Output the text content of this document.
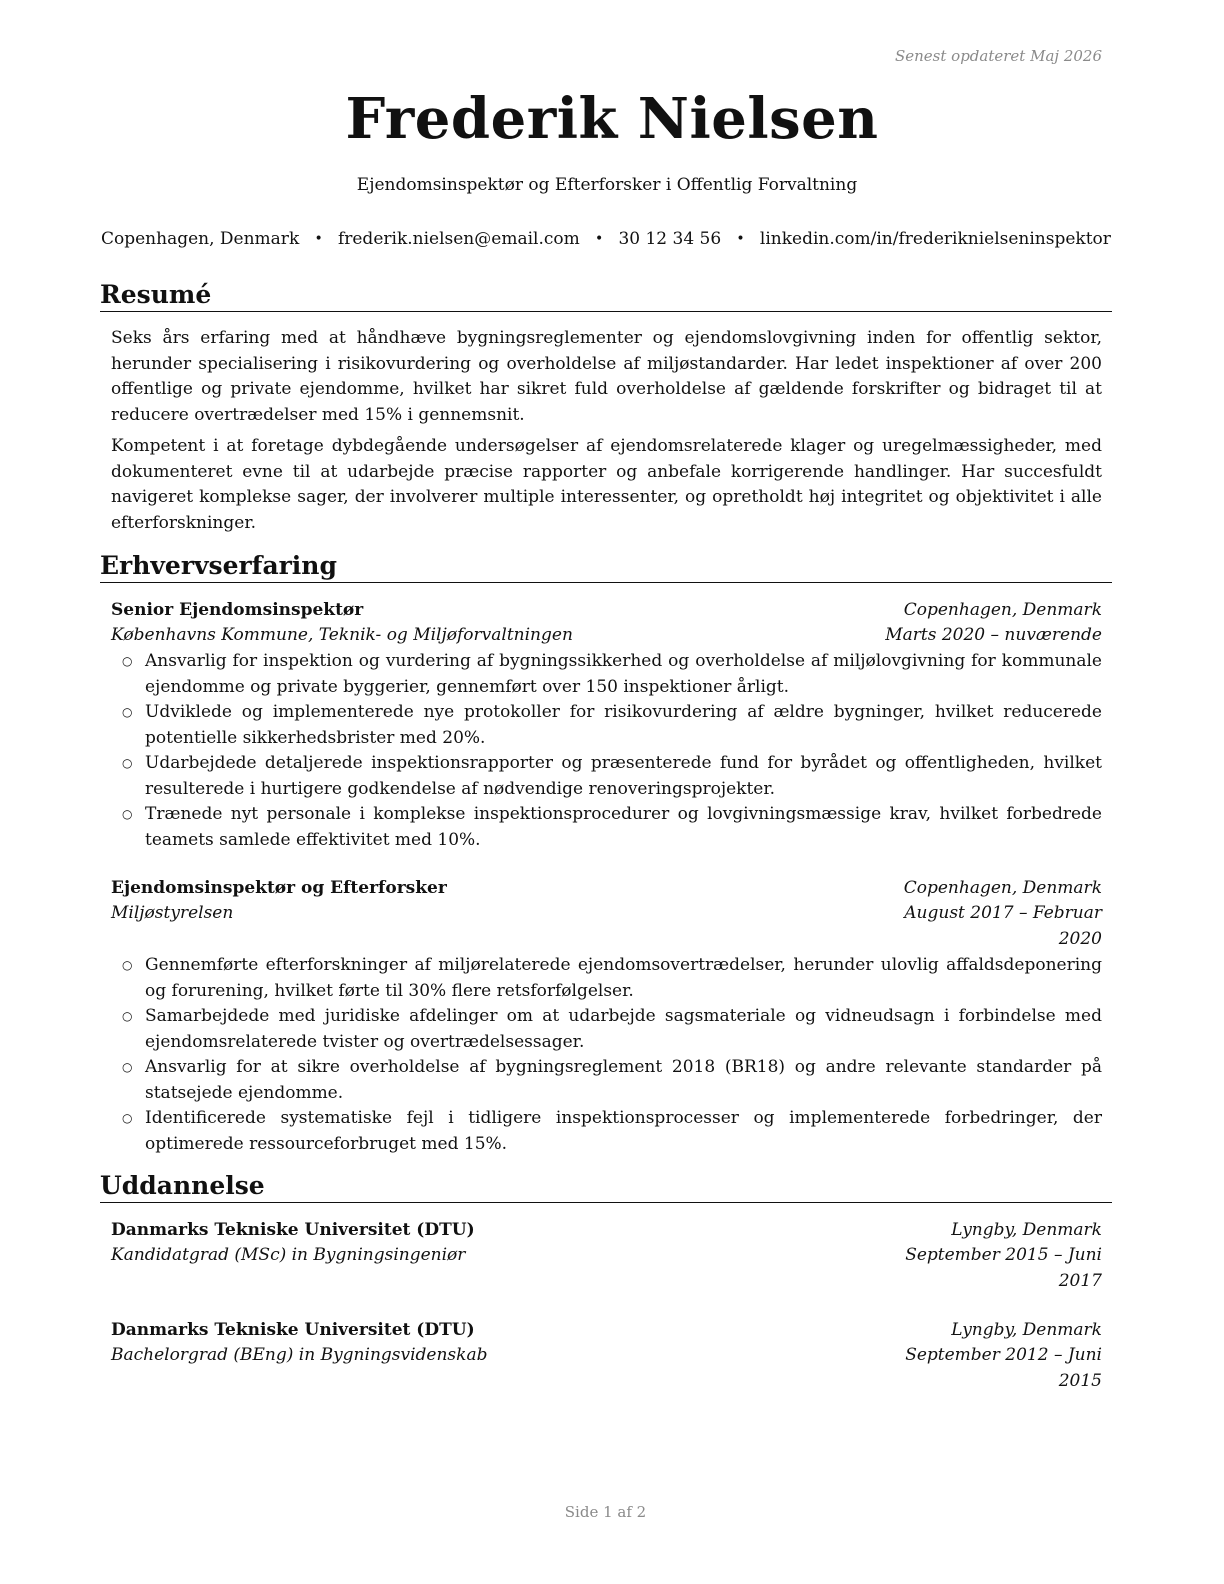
Senest opdateret Maj 2026
Frederik Nielsen
Ejendomsinspektør og Efterforsker i Offentlig Forvaltning
Copenhagen, Denmark • frederik.nielsen@email.com • 30 12 34 56 • linkedin.com/in/frederiknielseninspektor
Resumé

Seks års erfaring med at håndhæve bygningsreglementer og ejendomslovgivning inden for offentlig sektor, herunder specialisering i risikovurdering og overholdelse af miljøstandarder. Har ledet inspektioner af over 200 offentlige og private ejendomme, hvilket har sikret fuld overholdelse af gældende forskrifter og bidraget til at reducere overtrædelser med 15% i gennemsnit.

Kompetent i at foretage dybdegående undersøgelser af ejendomsrelaterede klager og uregelmæssigheder, med dokumenteret evne til at udarbejde præcise rapporter og anbefale korrigerende handlinger. Har succesfuldt navigeret komplekse sager, der involverer multiple interessenter, og opretholdt høj integritet og objektivitet i alle efterforskninger.

Erhvervserfaring
Senior Ejendomsinspektør	Copenhagen, Denmark
Københavns Kommune, Teknik- og Miljøforvaltningen	Marts 2020 – nuværende
○ Ansvarlig for inspektion og vurdering af bygningssikkerhed og overholdelse af miljølovgivning for kommunale ejendomme og private byggerier, gennemført over 150 inspektioner årligt.
○ Udviklede og implementerede nye protokoller for risikovurdering af ældre bygninger, hvilket reducerede potentielle sikkerhedsbrister med 20%.
○ Udarbejdede detaljerede inspektionsrapporter og præsenterede fund for byrådet og offentligheden, hvilket resulterede i hurtigere godkendelse af nødvendige renoveringsprojekter.
○ Trænede nyt personale i komplekse inspektionsprocedurer og lovgivningsmæssige krav, hvilket forbedrede teamets samlede effektivitet med 10%.
Ejendomsinspektør og Efterforsker	Copenhagen, Denmark
Miljøstyrelsen	August 2017 – Februar 2020
○ Gennemførte efterforskninger af miljørelaterede ejendomsovertrædelser, herunder ulovlig affaldsdeponering og forurening, hvilket førte til 30% flere retsforfølgelser.
○ Samarbejdede med juridiske afdelinger om at udarbejde sagsmateriale og vidneudsagn i forbindelse med ejendomsrelaterede tvister og overtrædelsessager.
○ Ansvarlig for at sikre overholdelse af bygningsreglement 2018 (BR18) og andre relevante standarder på statsejede ejendomme.
○ Identificerede systematiske fejl i tidligere inspektionsprocesser og implementerede forbedringer, der optimerede ressourceforbruget med 15%.
Uddannelse
Danmarks Tekniske Universitet (DTU)	Lyngby, Denmark
Kandidatgrad (MSc) in Bygningsingeniør	September 2015 – Juni 2017
Danmarks Tekniske Universitet (DTU)	Lyngby, Denmark
Bachelorgrad (BEng) in Bygningsvidenskab	September 2012 – Juni 2015
Side 1 af 2
